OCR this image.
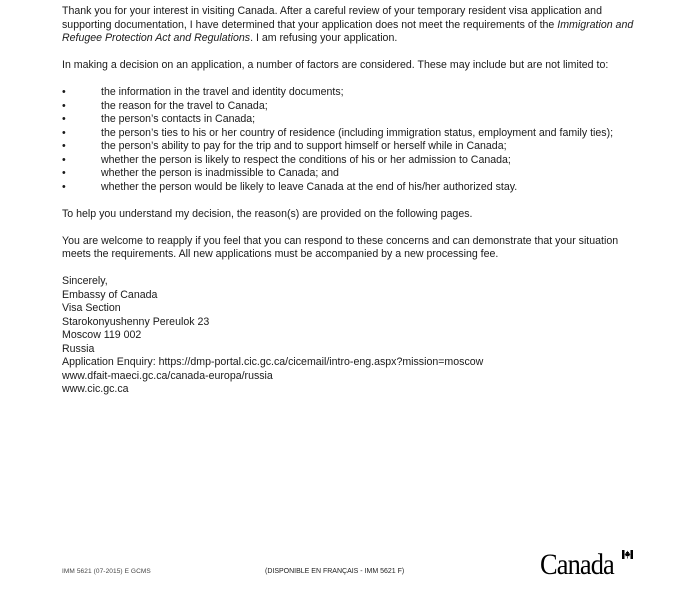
Thank you for your interest in visiting Canada. After a careful review of your temporary resident visa application and supporting documentation, I have determined that your application does not meet the requirements of the Immigration and Refugee Protection Act and Regulations. I am refusing your application.

In making a decision on an application, a number of factors are considered. These may include but are not limited to:

•	the information in the travel and identity documents;
•	the reason for the travel to Canada;
•	the person’s contacts in Canada;
•	the person’s ties to his or her country of residence (including immigration status, employment and family ties);
•	the person’s ability to pay for the trip and to support himself or herself while in Canada;
•	whether the person is likely to respect the conditions of his or her admission to Canada;
•	whether the person is inadmissible to Canada; and
•	whether the person would be likely to leave Canada at the end of his/her authorized stay.

To help you understand my decision, the reason(s) are provided on the following pages.

You are welcome to reapply if you feel that you can respond to these concerns and can demonstrate that your situation meets the requirements. All new applications must be accompanied by a new processing fee.

Sincerely,
Embassy of Canada
Visa Section
Starokonyushenny Pereulok 23
Moscow 119 002
Russia
Application Enquiry: https://dmp-portal.cic.gc.ca/cicemail/intro-eng.aspx?mission=moscow
www.dfait-maeci.gc.ca/canada-europa/russia
www.cic.gc.ca
IMM 5621 (07-2015) E GCMS	(DISPONIBLE EN FRANÇAIS - IMM 5621 F)	Canada
